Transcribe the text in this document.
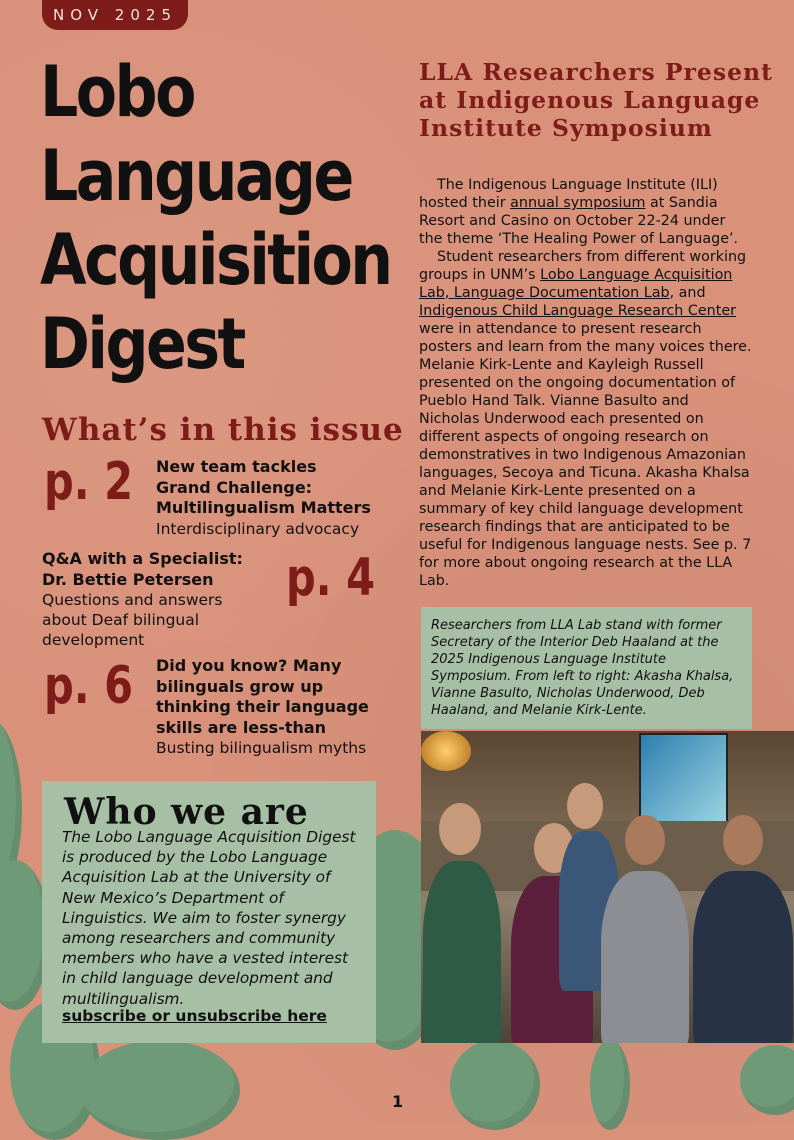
NOV 2025
Lobo
Language
Acquisition
Digest
What’s in this issue
p. 2 New team tackles
Grand Challenge:
Multilingualism Matters
Interdisciplinary advocacy
Q&A with a Specialist:
Dr. Bettie Petersen
Questions and answers
about Deaf bilingual
development
p. 4
p. 6 Did you know? Many
bilinguals grow up
thinking their language
skills are less-than
Busting bilingualism myths
Who we are
The Lobo Language Acquisition Digest is produced by the Lobo Language Acquisition Lab at the University of New Mexico’s Department of Linguistics. We aim to foster synergy among researchers and community members who have a vested interest in child language development and multilingualism.
subscribe or unsubscribe here
LLA Researchers Present at Indigenous Language Institute Symposium

The Indigenous Language Institute (ILI) hosted their annual symposium at Sandia Resort and Casino on October 22-24 under the theme ‘The Healing Power of Language’.

Student researchers from different working groups in UNM’s Lobo Language Acquisition Lab, Language Documentation Lab, and Indigenous Child Language Research Center were in attendance to present research posters and learn from the many voices there. Melanie Kirk-Lente and Kayleigh Russell presented on the ongoing documentation of Pueblo Hand Talk. Vianne Basulto and Nicholas Underwood each presented on different aspects of ongoing research on demonstratives in two Indigenous Amazonian languages, Secoya and Ticuna. Akasha Khalsa and Melanie Kirk-Lente presented on a summary of key child language development research findings that are anticipated to be useful for Indigenous language nests. See p. 7 for more about ongoing research at the LLA Lab.

Researchers from LLA Lab stand with former Secretary of the Interior Deb Haaland at the 2025 Indigenous Language Institute Symposium. From left to right: Akasha Khalsa, Vianne Basulto, Nicholas Underwood, Deb Haaland, and Melanie Kirk-Lente.
1
